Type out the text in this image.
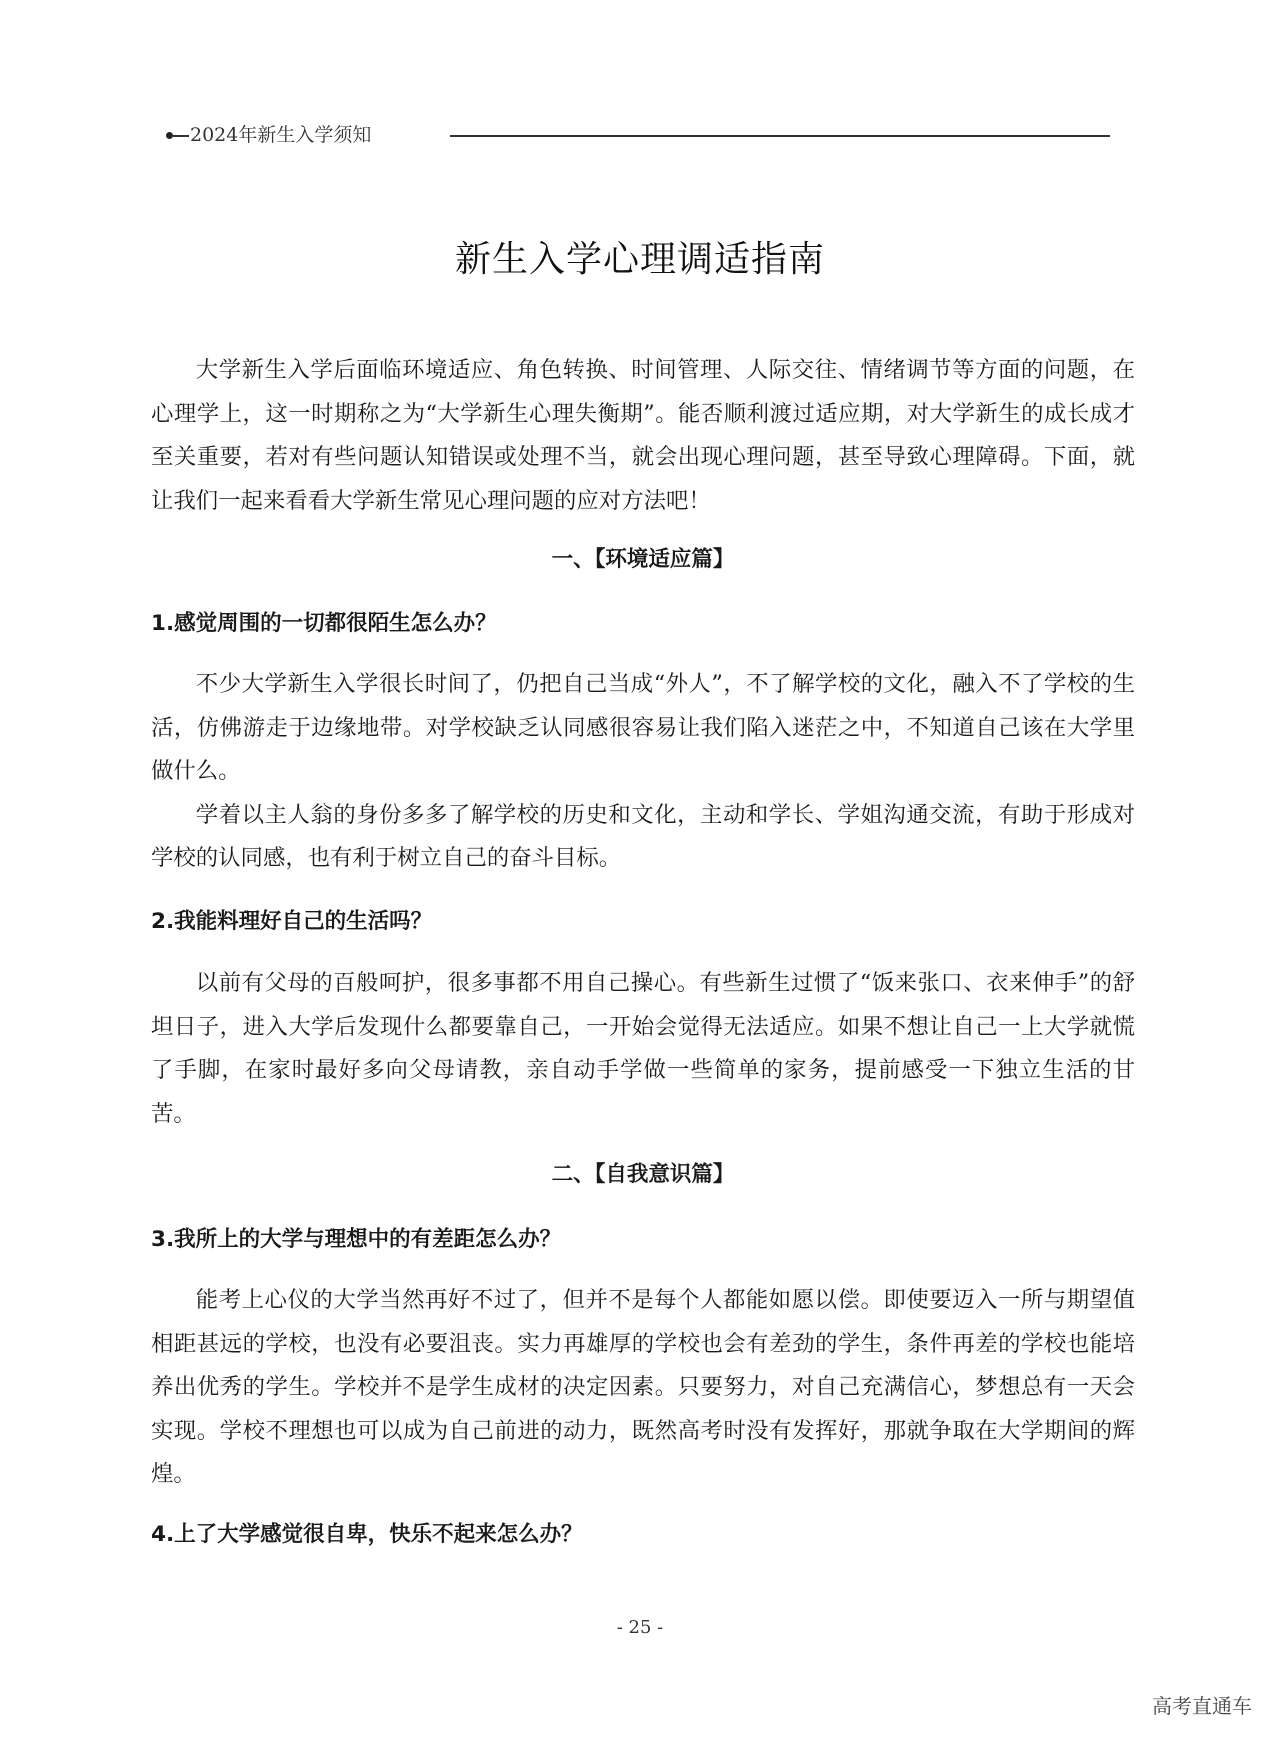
2024年新生入学须知
新生入学心理调适指南

大学新生入学后面临环境适应、角色转换、时间管理、人际交往、情绪调节等方面的问题，在心理学上，这一时期称之为“大学新生心理失衡期”。能否顺利渡过适应期，对大学新生的成长成才至关重要，若对有些问题认知错误或处理不当，就会出现心理问题，甚至导致心理障碍。下面，就让我们一起来看看大学新生常见心理问题的应对方法吧！

一、【环境适应篇】

1.感觉周围的一切都很陌生怎么办？

不少大学新生入学很长时间了，仍把自己当成“外人”，不了解学校的文化，融入不了学校的生活，仿佛游走于边缘地带。对学校缺乏认同感很容易让我们陷入迷茫之中，不知道自己该在大学里做什么。

学着以主人翁的身份多多了解学校的历史和文化，主动和学长、学姐沟通交流，有助于形成对学校的认同感，也有利于树立自己的奋斗目标。

2.我能料理好自己的生活吗？

以前有父母的百般呵护，很多事都不用自己操心。有些新生过惯了“饭来张口、衣来伸手”的舒坦日子，进入大学后发现什么都要靠自己，一开始会觉得无法适应。如果不想让自己一上大学就慌了手脚，在家时最好多向父母请教，亲自动手学做一些简单的家务，提前感受一下独立生活的甘苦。

二、【自我意识篇】

3.我所上的大学与理想中的有差距怎么办？

能考上心仪的大学当然再好不过了，但并不是每个人都能如愿以偿。即使要迈入一所与期望值相距甚远的学校，也没有必要沮丧。实力再雄厚的学校也会有差劲的学生，条件再差的学校也能培养出优秀的学生。学校并不是学生成材的决定因素。只要努力，对自己充满信心，梦想总有一天会实现。学校不理想也可以成为自己前进的动力，既然高考时没有发挥好，那就争取在大学期间的辉煌。

4.上了大学感觉很自卑，快乐不起来怎么办？

- 25 -
高考直通车
